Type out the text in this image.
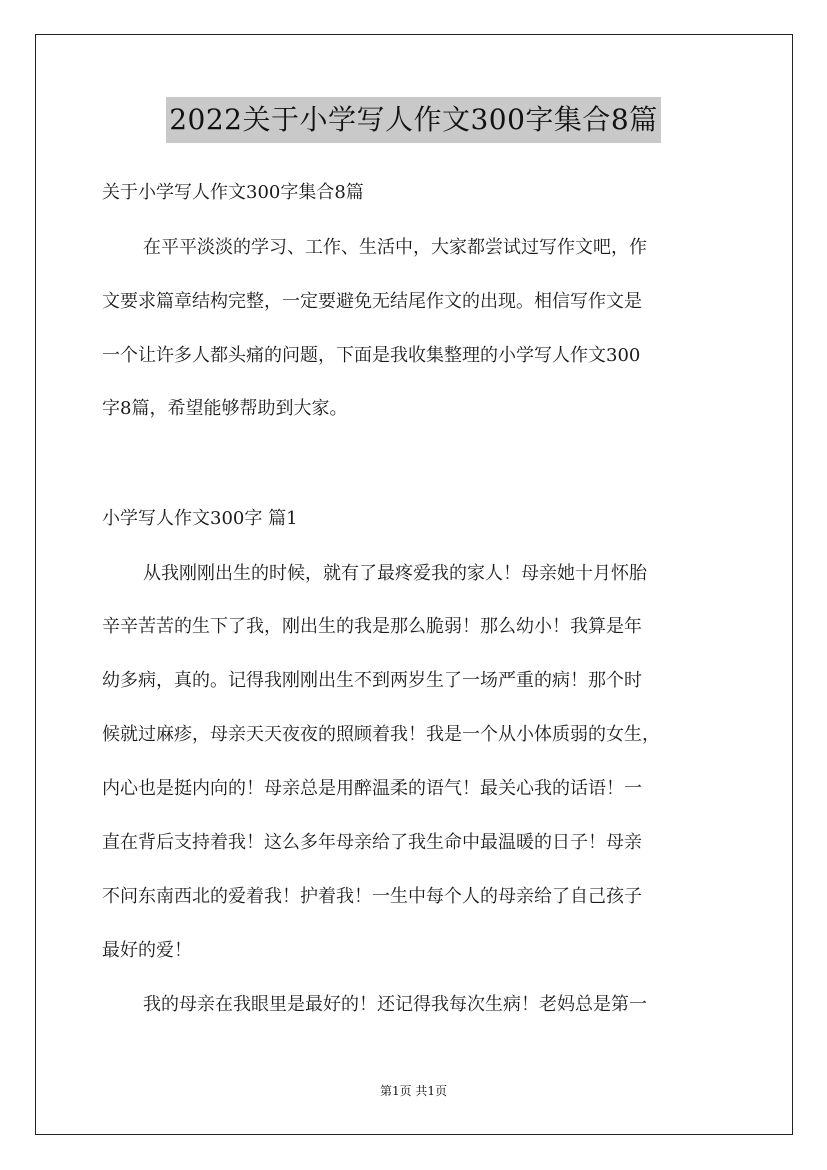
2022关于小学写人作文300字集合8篇
关于小学写人作文300字集合8篇
在平平淡淡的学习、工作、生活中，大家都尝试过写作文吧，作
文要求篇章结构完整，一定要避免无结尾作文的出现。相信写作文是
一个让许多人都头痛的问题，下面是我收集整理的小学写人作文300
字8篇，希望能够帮助到大家。
小学写人作文300字 篇1
从我刚刚出生的时候，就有了最疼爱我的家人！母亲她十月怀胎
辛辛苦苦的生下了我，刚出生的我是那么脆弱！那么幼小！我算是年
幼多病，真的。记得我刚刚出生不到两岁生了一场严重的病！那个时
候就过麻疹，母亲天天夜夜的照顾着我！我是一个从小体质弱的女生，
内心也是挺内向的！母亲总是用醉温柔的语气！最关心我的话语！一
直在背后支持着我！这么多年母亲给了我生命中最温暖的日子！母亲
不问东南西北的爱着我！护着我！一生中每个人的母亲给了自己孩子
最好的爱！
我的母亲在我眼里是最好的！还记得我每次生病！老妈总是第一
第1页 共1页
